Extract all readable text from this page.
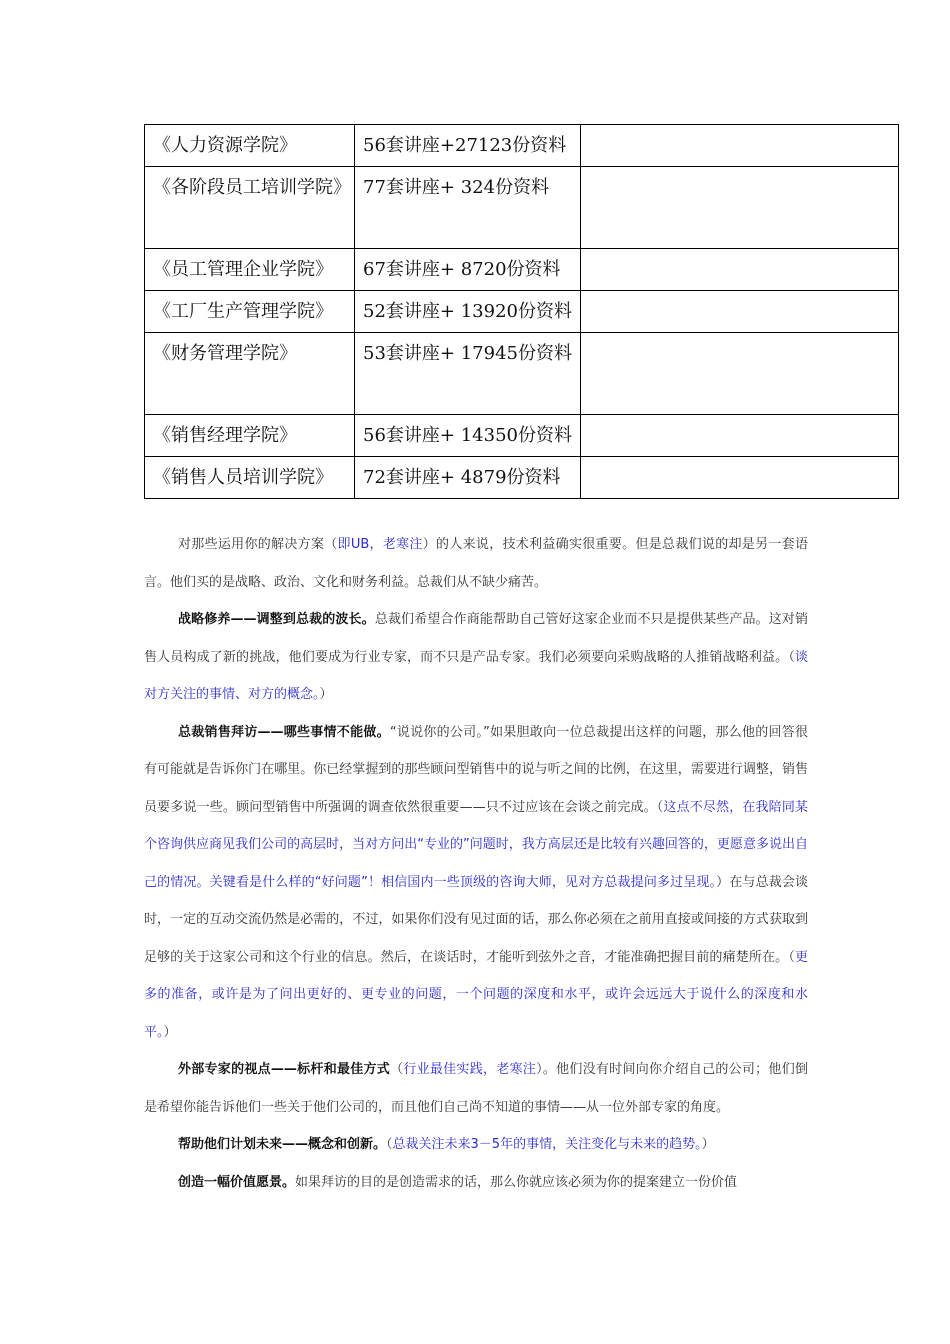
《人力资源学院》	56套讲座+27123份资料	
《各阶段员工培训学院》	77套讲座+ 324份资料	
《员工管理企业学院》	67套讲座+ 8720份资料	
《工厂生产管理学院》	52套讲座+ 13920份资料	
《财务管理学院》	53套讲座+ 17945份资料	
《销售经理学院》	56套讲座+ 14350份资料	
《销售人员培训学院》	72套讲座+ 4879份资料	

对那些运用你的解决方案（即UB，老寒注）的人来说，技术利益确实很重要。但是总裁们说的却是另一套语言。他们买的是战略、政治、文化和财务利益。总裁们从不缺少痛苦。

战略修养——调整到总裁的波长。总裁们希望合作商能帮助自己管好这家企业而不只是提供某些产品。这对销售人员构成了新的挑战，他们要成为行业专家，而不只是产品专家。我们必须要向采购战略的人推销战略利益。（谈对方关注的事情、对方的概念。）

总裁销售拜访——哪些事情不能做。“说说你的公司。”如果胆敢向一位总裁提出这样的问题，那么他的回答很有可能就是告诉你门在哪里。你已经掌握到的那些顾问型销售中的说与听之间的比例，在这里，需要进行调整，销售员要多说一些。顾问型销售中所强调的调查依然很重要——只不过应该在会谈之前完成。（这点不尽然，在我陪同某个咨询供应商见我们公司的高层时，当对方问出“专业的”问题时，我方高层还是比较有兴趣回答的，更愿意多说出自己的情况。关键看是什么样的“好问题”！相信国内一些顶级的咨询大师，见对方总裁提问多过呈现。）在与总裁会谈时，一定的互动交流仍然是必需的，不过，如果你们没有见过面的话，那么你必须在之前用直接或间接的方式获取到足够的关于这家公司和这个行业的信息。然后，在谈话时，才能听到弦外之音，才能准确把握目前的痛楚所在。（更多的准备，或许是为了问出更好的、更专业的问题，一个问题的深度和水平，或许会远远大于说什么的深度和水平。）

外部专家的视点——标杆和最佳方式（行业最佳实践，老寒注）。他们没有时间向你介绍自己的公司；他们倒是希望你能告诉他们一些关于他们公司的，而且他们自己尚不知道的事情——从一位外部专家的角度。

帮助他们计划未来——概念和创新。（总裁关注未来3－5年的事情，关注变化与未来的趋势。）

创造一幅价值愿景。如果拜访的目的是创造需求的话，那么你就应该必须为你的提案建立一份价值
